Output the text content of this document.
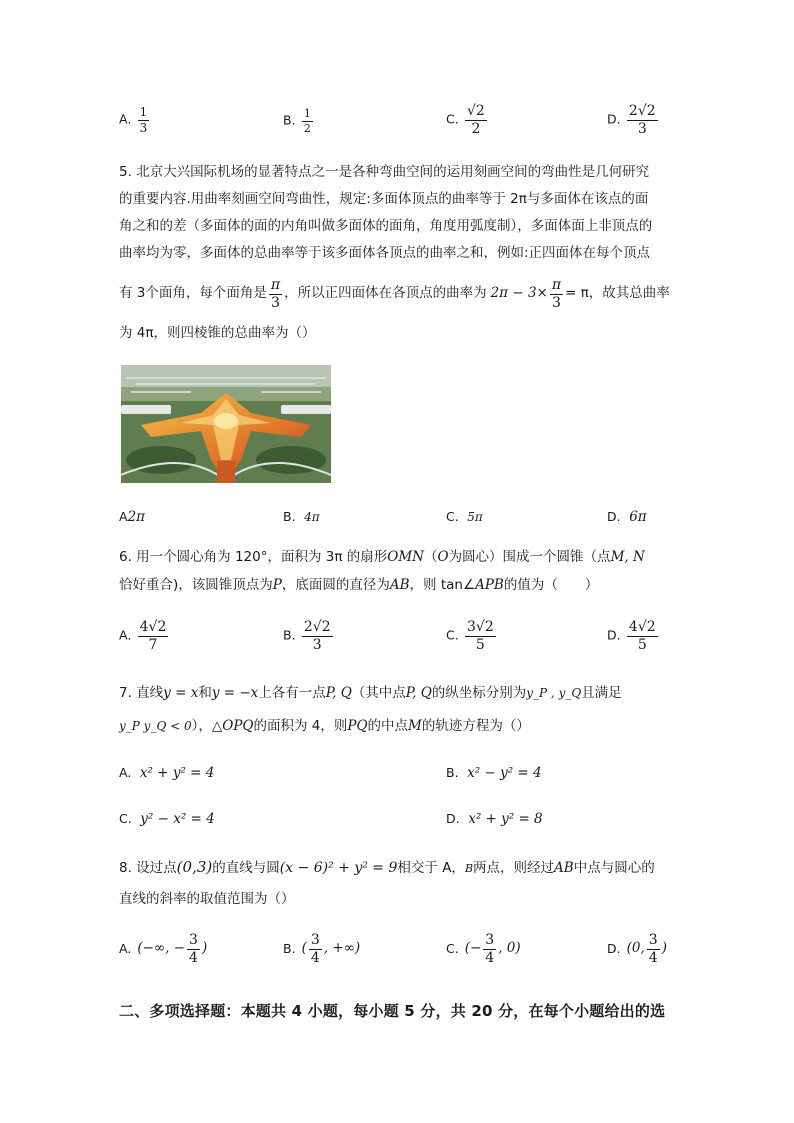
A. $\frac{1}{3}$	B. $\frac{1}{2}$	C. $\frac{√2}{2}$	D. $\frac{2√2}{3}$
5. 北京大兴国际机场的显著特点之一是各种弯曲空间的运用刻画空间的弯曲性是几何研究
的重要内容.用曲率刻画空间弯曲性，规定:多面体顶点的曲率等于 2π与多面体在该点的面
角之和的差（多面体的面的内角叫做多面体的面角，角度用弧度制），多面体面上非顶点的
曲率均为零，多面体的总曲率等于该多面体各顶点的曲率之和，例如:正四面体在每个顶点
有 3个面角，每个面角是 $\frac{\pi}{3}$ ，所以正四面体在各顶点的曲率为 $2\pi - 3\times \frac{\pi}{3} = \pi$，故其总曲率
为 4π，则四棱锥的总曲率为（）
A2π	B. 4π	C. 5π	D. 6π
6. 用一个圆心角为 120°，面积为 3π 的扇形OMN（O为圆心）围成一个圆锥（点M, N
恰好重合)，该圆锥顶点为P，底面圆的直径为AB，则 tan∠APB的值为（　　）
A. $\frac{4√2}{7}$	B. $\frac{2√2}{3}$	C. $\frac{3√2}{5}$	D. $\frac{4√2}{5}$
7. 直线y = x和y = −x上各有一点P, Q（其中点P, Q的纵坐标分别为y_P , y_Q且满足
y_P y_Q < 0），△OPQ的面积为 4，则PQ的中点M的轨迹方程为（）
A. x² + y² = 4	B. x² − y² = 4
C. y² − x² = 4	D. x² + y² = 8
8. 设过点(0,3)的直线与圆(x − 6)² + y² = 9相交于 A，B两点，则经过AB中点与圆心的
直线的斜率的取值范围为（）
A. (−∞, − $\frac{3}{4}$ )	B. ( $\frac{3}{4}$ , +∞)	C. (− $\frac{3}{4}$ , 0)	D. (0, $\frac{3}{4}$ )
二、多项选择题：本题共 4 小题，每小题 5 分，共 20 分，在每个小题给出的选
